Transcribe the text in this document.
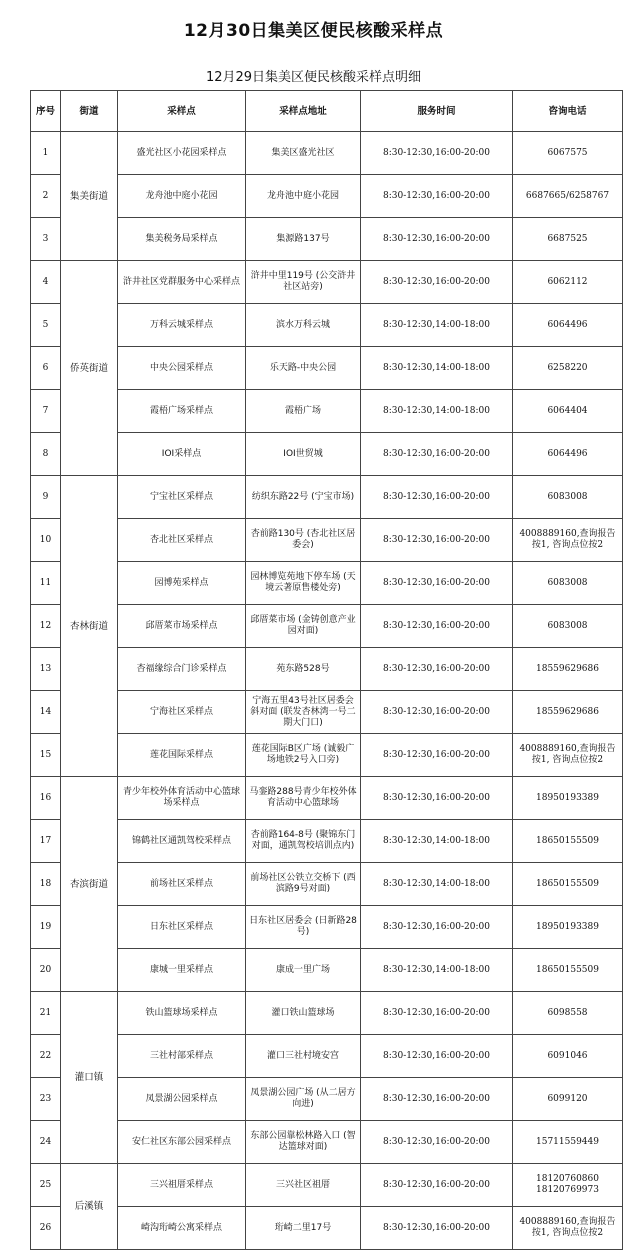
12月30日集美区便民核酸采样点
12月29日集美区便民核酸采样点明细
序号	街道	采样点	采样点地址	服务时间	咨询电话
1	集美街道	盛光社区小花园采样点	集美区盛光社区	8:30-12:30,16:00-20:00	6067575
2		龙舟池中庭小花园	龙舟池中庭小花园	8:30-12:30,16:00-20:00	6687665/6258767
3		集美税务局采样点	集源路137号	8:30-12:30,16:00-20:00	6687525
4	侨英街道	浒井社区党群服务中心采样点	浒井中里119号 (公交浒井社区站旁)	8:30-12:30,16:00-20:00	6062112
5		万科云城采样点	滨水万科云城	8:30-12:30,14:00-18:00	6064496
6		中央公园采样点	乐天路-中央公园	8:30-12:30,14:00-18:00	6258220
7		霞梧广场采样点	霞梧广场	8:30-12:30,14:00-18:00	6064404
8		IOI采样点	IOI世贸城	8:30-12:30,16:00-20:00	6064496
9	杏林街道	宁宝社区采样点	纺织东路22号 (宁宝市场)	8:30-12:30,16:00-20:00	6083008
10		杏北社区采样点	杏前路130号 (杏北社区居委会)	8:30-12:30,16:00-20:00	4008889160,查询报告按1, 咨询点位按2
11		园博苑采样点	园林博览苑地下停车场 (天境云著原售楼处旁)	8:30-12:30,16:00-20:00	6083008
12		邱厝菜市场采样点	邱厝菜市场 (金铸创意产业园对面)	8:30-12:30,16:00-20:00	6083008
13		杏福缘综合门诊采样点	苑东路528号	8:30-12:30,16:00-20:00	18559629686
14		宁海社区采样点	宁海五里43号社区居委会斜对面 (联发杏林湾一号二期大门口)	8:30-12:30,16:00-20:00	18559629686
15		莲花国际采样点	莲花国际B区广场 (诚毅广场地铁2号入口旁)	8:30-12:30,16:00-20:00	4008889160,查询报告按1, 咨询点位按2
16	杏滨街道	青少年校外体育活动中心篮球场采样点	马銮路288号青少年校外体育活动中心篮球场	8:30-12:30,16:00-20:00	18950193389
17		锦鹤社区通凯驾校采样点	杏前路164-8号 (聚锦东门对面，通凯驾校培训点内)	8:30-12:30,14:00-18:00	18650155509
18		前场社区采样点	前场社区公铁立交桥下 (西滨路9号对面)	8:30-12:30,14:00-18:00	18650155509
19		日东社区采样点	日东社区居委会 (日新路28号)	8:30-12:30,16:00-20:00	18950193389
20		康城一里采样点	康成一里广场	8:30-12:30,14:00-18:00	18650155509
21	灌口镇	铁山篮球场采样点	灌口铁山篮球场	8:30-12:30,16:00-20:00	6098558
22		三社村部采样点	灌口三社村境安宫	8:30-12:30,16:00-20:00	6091046
23		凤景湖公园采样点	凤景湖公园广场 (从二居方向进)	8:30-12:30,16:00-20:00	6099120
24		安仁社区东部公园采样点	东部公园靠松林路入口 (智达篮球对面)	8:30-12:30,16:00-20:00	15711559449
25	后溪镇	三兴祖厝采样点	三兴社区祖厝	8:30-12:30,16:00-20:00	18120760860 18120769973
26		崎沟珩崎公寓采样点	珩崎二里17号	8:30-12:30,16:00-20:00	4008889160,查询报告按1, 咨询点位按2
